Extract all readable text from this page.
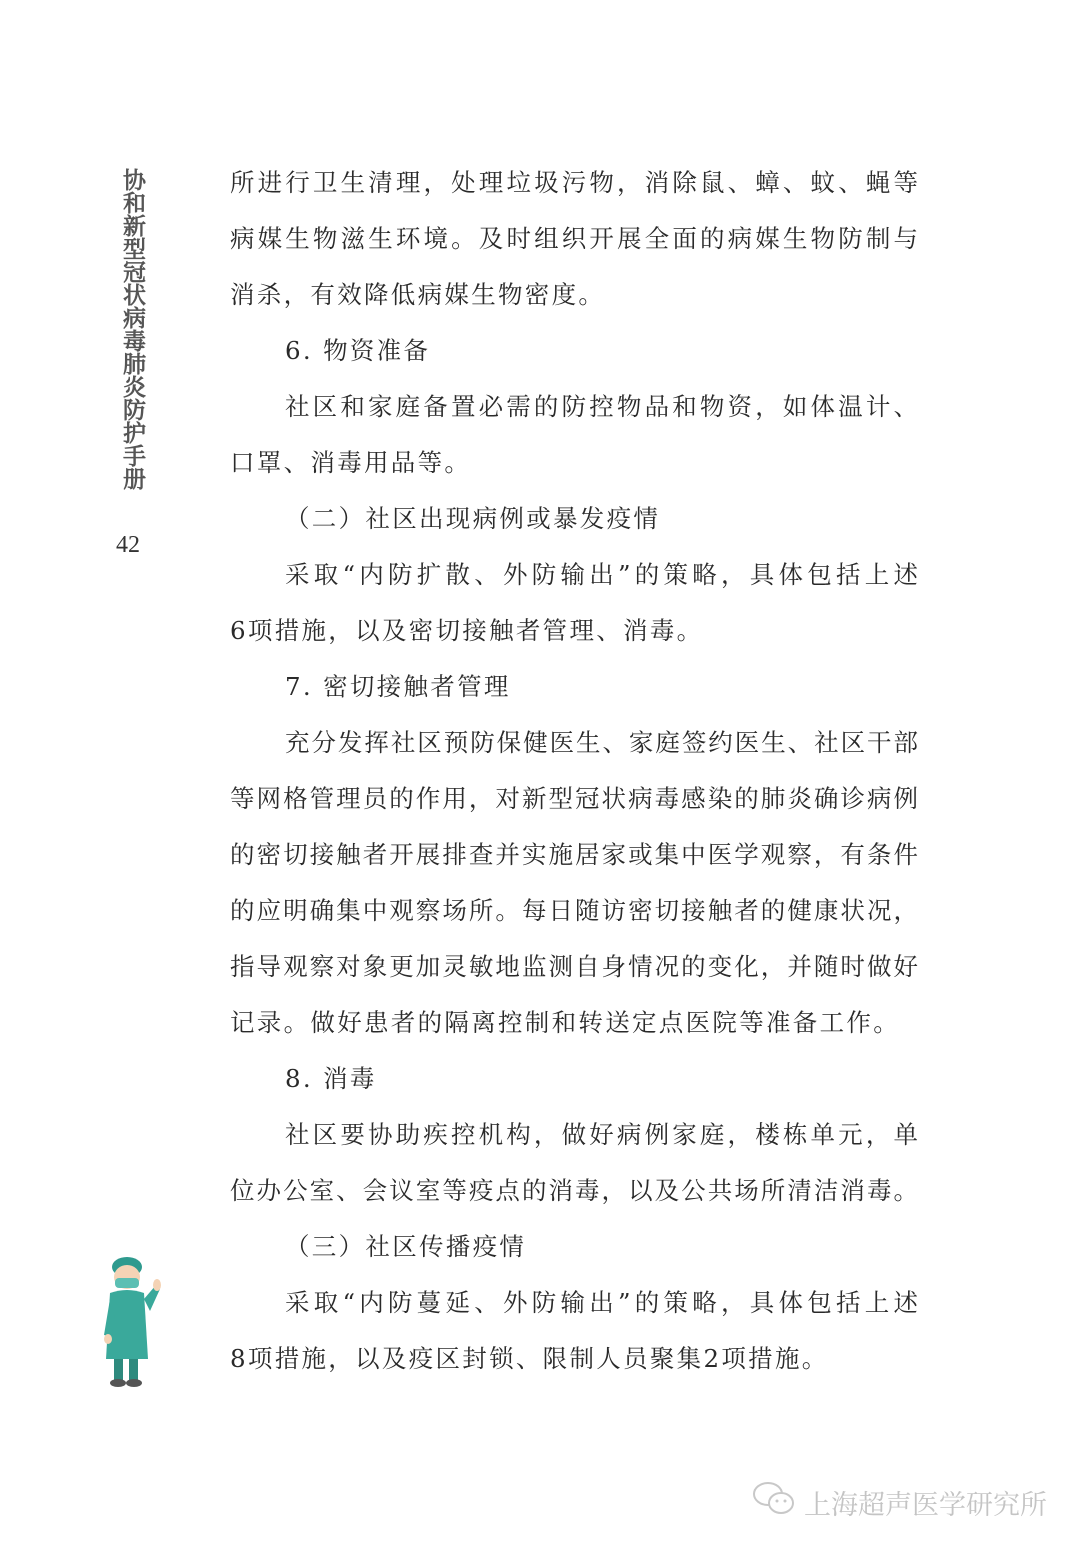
协和新型冠状病毒肺炎防护手册
42
所进行卫生清理，处理垃圾污物，消除鼠、蟑、蚊、蝇等
病媒生物滋生环境。及时组织开展全面的病媒生物防制与
消杀，有效降低病媒生物密度。
6. 物资准备
社区和家庭备置必需的防控物品和物资，如体温计、
口罩、消毒用品等。
（二）社区出现病例或暴发疫情
采取“内防扩散、外防输出”的策略，具体包括上述
6项措施，以及密切接触者管理、消毒。
7. 密切接触者管理
充分发挥社区预防保健医生、家庭签约医生、社区干部
等网格管理员的作用，对新型冠状病毒感染的肺炎确诊病例
的密切接触者开展排查并实施居家或集中医学观察，有条件
的应明确集中观察场所。每日随访密切接触者的健康状况，
指导观察对象更加灵敏地监测自身情况的变化，并随时做好
记录。做好患者的隔离控制和转送定点医院等准备工作。
8. 消毒
社区要协助疾控机构，做好病例家庭，楼栋单元，单
位办公室、会议室等疫点的消毒，以及公共场所清洁消毒。
（三）社区传播疫情
采取“内防蔓延、外防输出”的策略，具体包括上述
8项措施，以及疫区封锁、限制人员聚集2项措施。
上海超声医学研究所
